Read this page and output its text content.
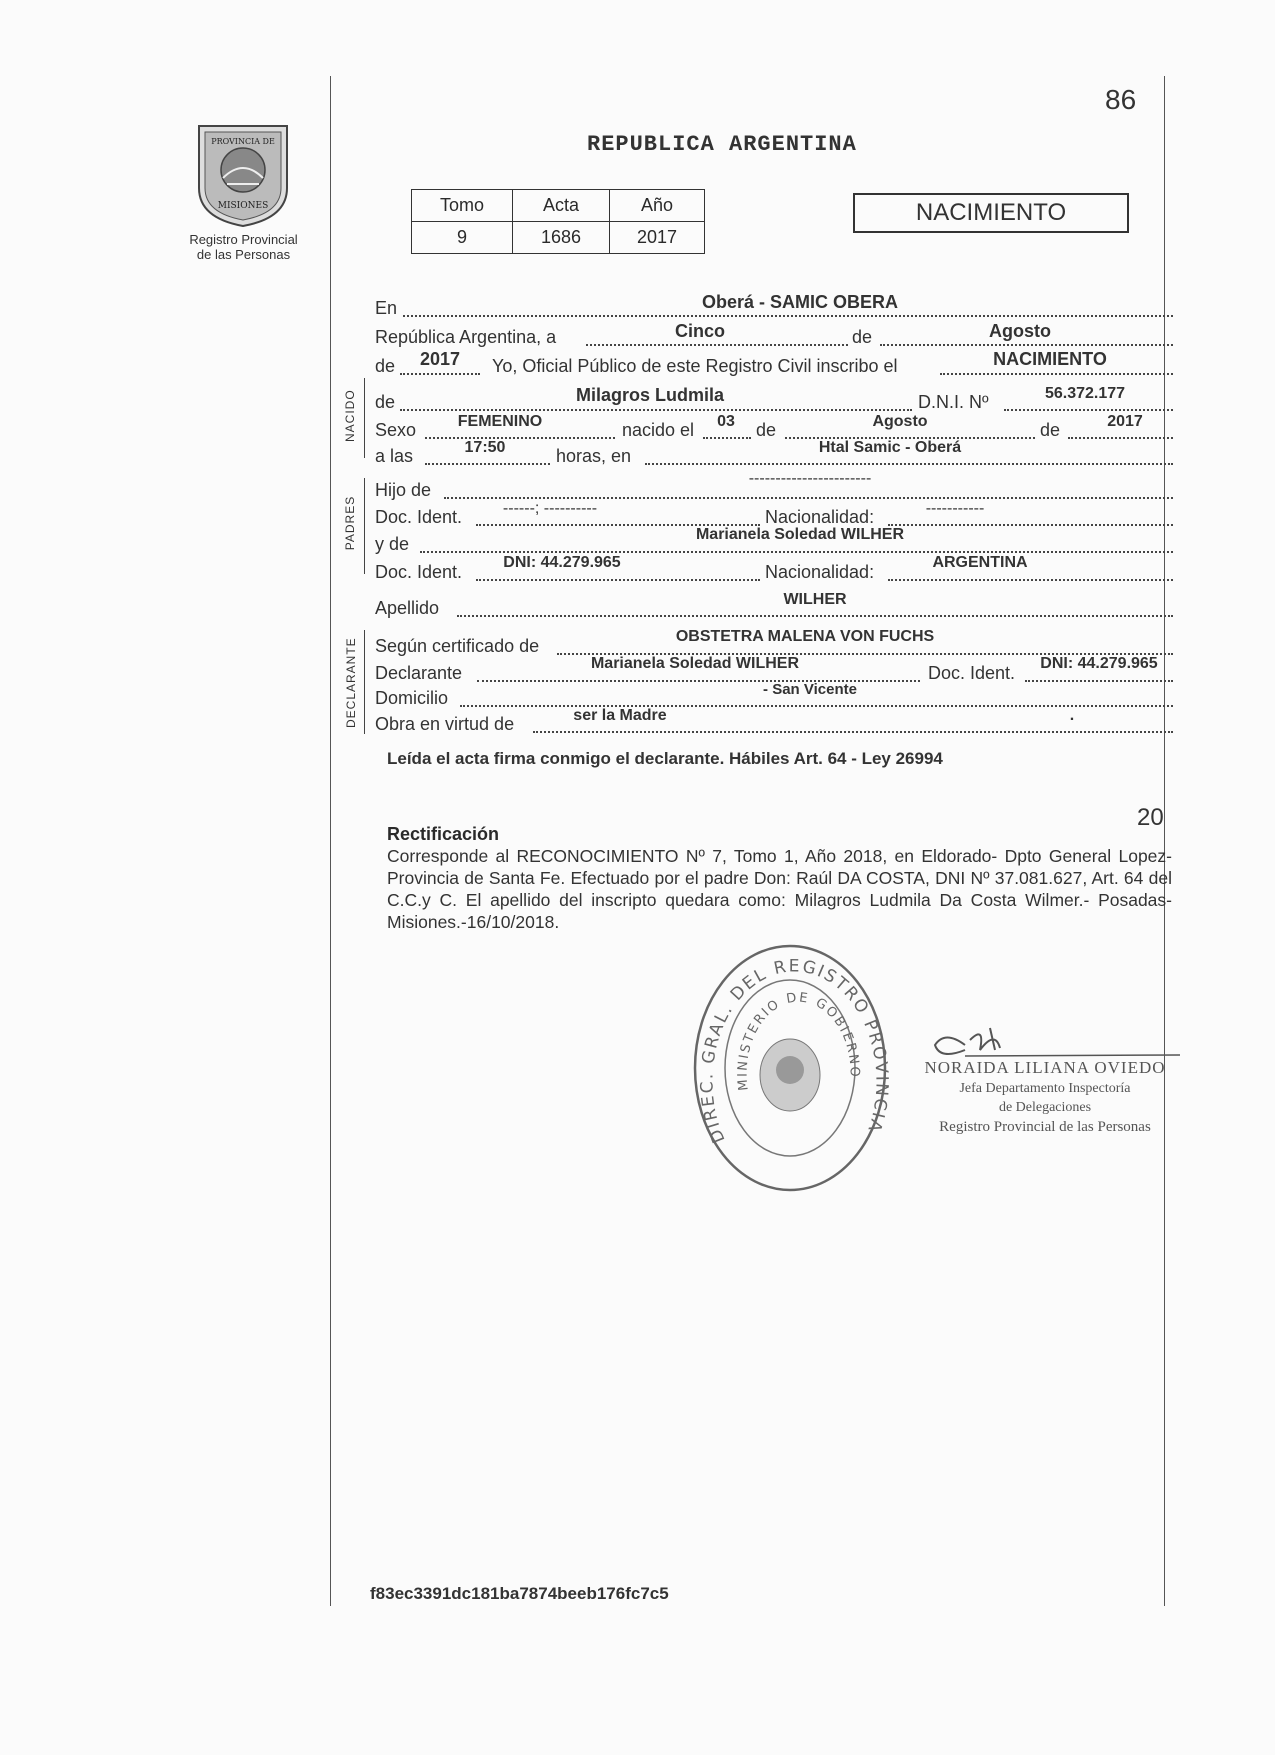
86
PROVINCIA DE
MISIONES
Registro Provincial
de las Personas
REPUBLICA ARGENTINA
Tomo	Acta	Año
9	1686	2017
NACIMIENTO
NACIDO
PADRES
DECLARANTE
En	Oberá - SAMIC OBERA
República Argentina, a	Cinco	de	Agosto
de	2017	Yo, Oficial Público de este Registro Civil inscribo el	NACIMIENTO
de	Milagros Ludmila	D.N.I. Nº	56.372.177
Sexo	FEMENINO	nacido el	03	de	Agosto	de	2017
a las	17:50	horas, en	Htal Samic - Oberá
Hijo de
-----------------------
Doc. Ident.	------; ----------	Nacionalidad:	-----------
y de	Marianela Soledad WILHER
Doc. Ident.	DNI: 44.279.965	Nacionalidad:	ARGENTINA
Apellido	WILHER
Según certificado de	OBSTETRA MALENA VON FUCHS
Declarante	Marianela Soledad WILHER	Doc. Ident.	DNI: 44.279.965
Domicilio	- San Vicente
Obra en virtud de	ser la Madre	.
Leída el acta firma conmigo el declarante. Hábiles Art. 64 - Ley 26994
20
Rectificación
Corresponde al RECONOCIMIENTO Nº 7, Tomo 1, Año 2018, en Eldorado- Dpto General Lopez- Provincia de Santa Fe. Efectuado por el padre Don: Raúl DA COSTA, DNI Nº 37.081.627, Art. 64 del C.C.y C. El apellido del inscripto quedara como: Milagros Ludmila Da Costa Wilmer.- Posadas- Misiones.-16/10/2018.
DIREC. GRAL. DEL REGISTRO PROVINCIA
MINISTERIO DE GOBIERNO	NORAIDA LILIANA OVIEDO
Jefa Departamento Inspectoría
de Delegaciones
Registro Provincial de las Personas
f83ec3391dc181ba7874beeb176fc7c5
